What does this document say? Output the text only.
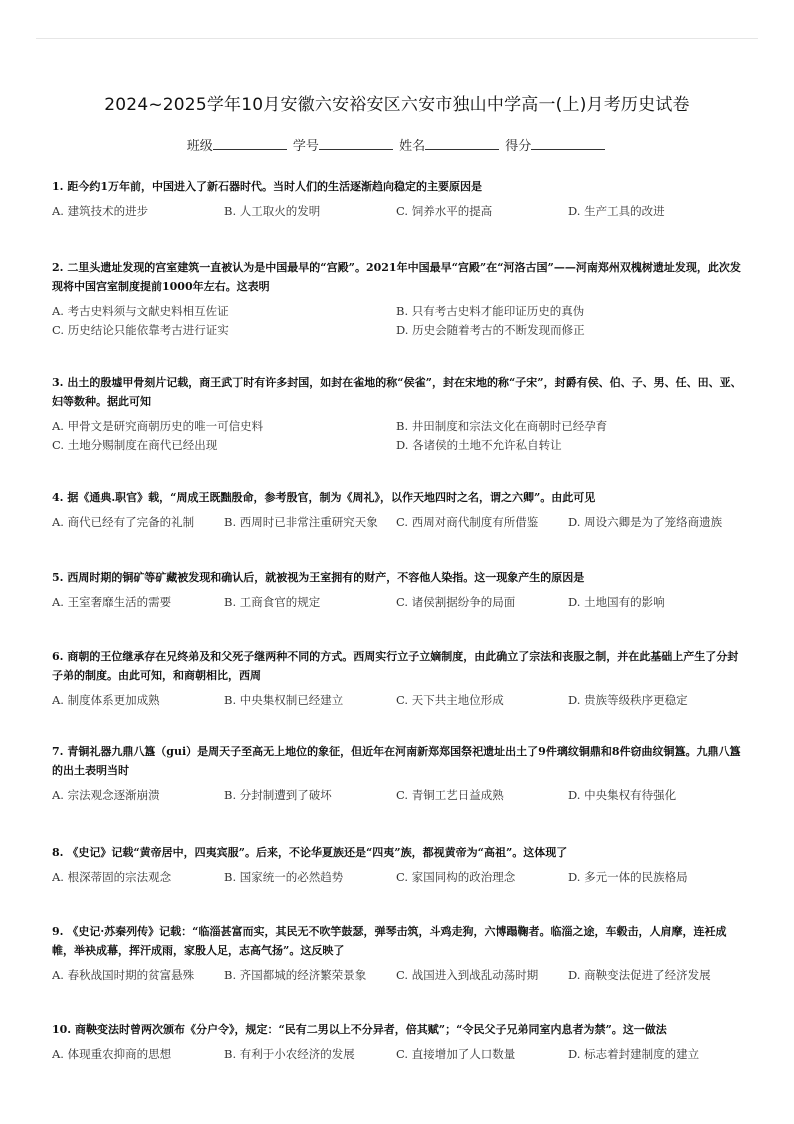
2024~2025学年10月安徽六安裕安区六安市独山中学高一(上)月考历史试卷
班级	学号	姓名	得分
1. 距今约1万年前，中国进入了新石器时代。当时人们的生活逐渐趋向稳定的主要原因是
A. 建筑技术的进步	B. 人工取火的发明	C. 饲养水平的提高	D. 生产工具的改进
2. 二里头遗址发现的宫室建筑一直被认为是中国最早的“宫殿”。2021年中国最早“宫殿”在“河洛古国”——河南郑州双槐树遗址发现，此次发现将中国宫室制度提前1000年左右。这表明
A. 考古史料须与文献史料相互佐证	B. 只有考古史料才能印证历史的真伪
C. 历史结论只能依靠考古进行证实	D. 历史会随着考古的不断发现而修正
3. 出土的殷墟甲骨刻片记载，商王武丁时有许多封国，如封在雀地的称“侯雀”，封在宋地的称“子宋”，封爵有侯、伯、子、男、任、田、亚、妇等数种。据此可知
A. 甲骨文是研究商朝历史的唯一可信史料	B. 井田制度和宗法文化在商朝时已经孕育
C. 土地分赐制度在商代已经出现	D. 各诸侯的土地不允许私自转让
4. 据《通典.职官》载，“周成王既黜殷命，参考殷官，制为《周礼》，以作天地四时之名，谓之六卿”。由此可见
A. 商代已经有了完备的礼制	B. 西周时已非常注重研究天象	C. 西周对商代制度有所借鉴	D. 周设六卿是为了笼络商遗族
5. 西周时期的铜矿等矿藏被发现和确认后，就被视为王室拥有的财产，不容他人染指。这一现象产生的原因是
A. 王室奢靡生活的需要	B. 工商食官的规定	C. 诸侯割据纷争的局面	D. 土地国有的影响
6. 商朝的王位继承存在兄终弟及和父死子继两种不同的方式。西周实行立子立嫡制度，由此确立了宗法和丧服之制，并在此基础上产生了分封子弟的制度。由此可知，和商朝相比，西周
A. 制度体系更加成熟	B. 中央集权制已经建立	C. 天下共主地位形成	D. 贵族等级秩序更稳定
7. 青铜礼器九鼎八簋（gui）是周天子至高无上地位的象征，但近年在河南新郑郑国祭祀遗址出土了9件璃纹铜鼎和8件窃曲纹铜簋。九鼎八簋的出土表明当时
A. 宗法观念逐渐崩溃	B. 分封制遭到了破坏	C. 青铜工艺日益成熟	D. 中央集权有待强化
8. 《史记》记载“黄帝居中，四夷宾服”。后来，不论华夏族还是“四夷”族，都视黄帝为“高祖”。这体现了
A. 根深蒂固的宗法观念	B. 国家统一的必然趋势	C. 家国同构的政治理念	D. 多元一体的民族格局
9. 《史记·苏秦列传》记载：“临淄甚富而实，其民无不吹竽鼓瑟，弹琴击筑，斗鸡走狗，六博蹋鞠者。临淄之途，车毂击，人肩摩，连衽成帷，举袂成幕，挥汗成雨，家殷人足，志高气扬”。这反映了
A. 春秋战国时期的贫富悬殊	B. 齐国都城的经济繁荣景象	C. 战国进入到战乱动荡时期	D. 商鞅变法促进了经济发展
10. 商鞅变法时曾两次颁布《分户令》，规定：“民有二男以上不分异者，倍其赋”；“令民父子兄弟同室内息者为禁”。这一做法
A. 体现重农抑商的思想	B. 有利于小农经济的发展	C. 直接增加了人口数量	D. 标志着封建制度的建立
